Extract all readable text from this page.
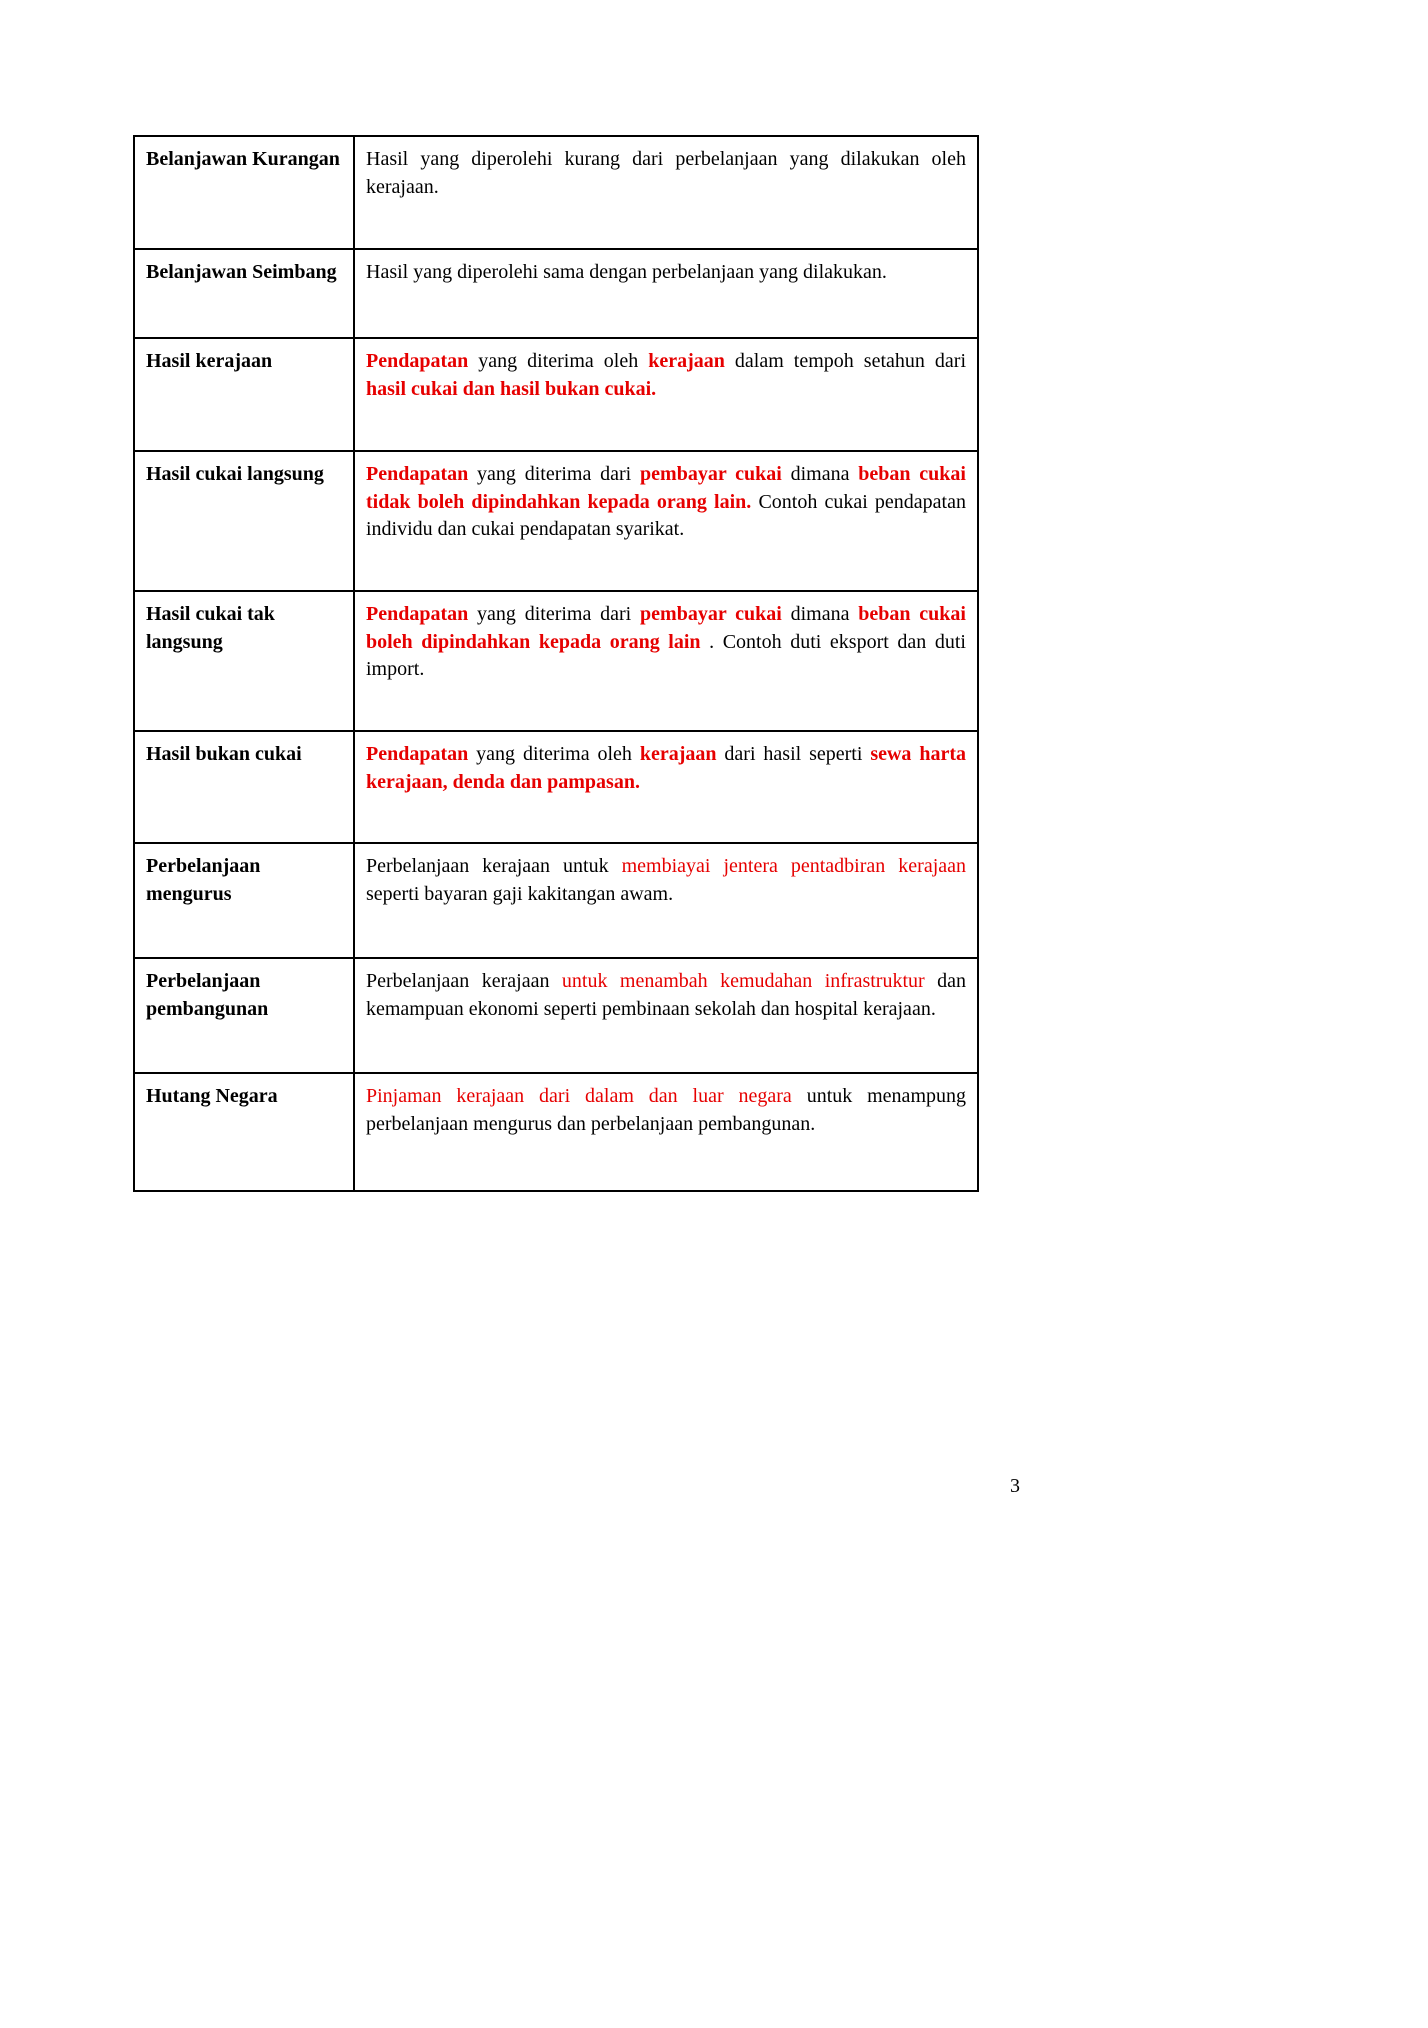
Belanjawan Kurangan	Hasil yang diperolehi kurang dari perbelanjaan yang dilakukan oleh kerajaan.
Belanjawan Seimbang	Hasil yang diperolehi sama dengan perbelanjaan yang dilakukan.
Hasil kerajaan	Pendapatan yang diterima oleh kerajaan dalam tempoh setahun dari hasil cukai dan hasil bukan cukai.
Hasil cukai langsung	Pendapatan yang diterima dari pembayar cukai dimana beban cukai tidak boleh dipindahkan kepada orang lain. Contoh cukai pendapatan individu dan cukai pendapatan syarikat.
Hasil cukai tak langsung	Pendapatan yang diterima dari pembayar cukai dimana beban cukai boleh dipindahkan kepada orang lain . Contoh duti eksport dan duti import.
Hasil bukan cukai	Pendapatan yang diterima oleh kerajaan dari hasil seperti sewa harta kerajaan, denda dan pampasan.
Perbelanjaan mengurus	Perbelanjaan kerajaan untuk membiayai jentera pentadbiran kerajaan seperti bayaran gaji kakitangan awam.
Perbelanjaan pembangunan	Perbelanjaan kerajaan untuk menambah kemudahan infrastruktur dan kemampuan ekonomi seperti pembinaan sekolah dan hospital kerajaan.
Hutang Negara	Pinjaman kerajaan dari dalam dan luar negara untuk menampung perbelanjaan mengurus dan perbelanjaan pembangunan.
3
